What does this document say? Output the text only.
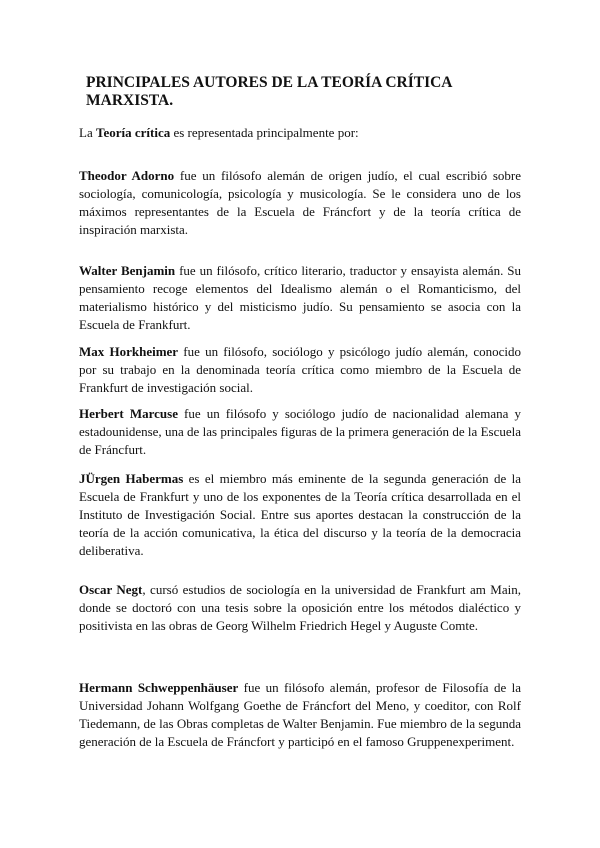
PRINCIPALES AUTORES DE LA TEORÍA CRÍTICA MARXISTA.

La Teoría crítica es representada principalmente por:

Theodor Adorno fue un filósofo alemán de origen judío, el cual escribió sobre sociología, comunicología, psicología y musicología. Se le considera uno de los máximos representantes de la Escuela de Fráncfort y de la teoría crítica de inspiración marxista.

Walter Benjamin fue un filósofo, crítico literario, traductor y ensayista alemán. Su pensamiento recoge elementos del Idealismo alemán o el Romanticismo, del materialismo histórico y del misticismo judío. Su pensamiento se asocia con la Escuela de Frankfurt.

Max Horkheimer fue un filósofo, sociólogo y psicólogo judío alemán, conocido por su trabajo en la denominada teoría crítica como miembro de la Escuela de Frankfurt de investigación social.

Herbert Marcuse fue un filósofo y sociólogo judío de nacionalidad alemana y estadounidense, una de las principales figuras de la primera generación de la Escuela de Fráncfurt.

JÜrgen Habermas es el miembro más eminente de la segunda generación de la Escuela de Frankfurt y uno de los exponentes de la Teoría crítica desarrollada en el Instituto de Investigación Social. Entre sus aportes destacan la construcción de la teoría de la acción comunicativa, la ética del discurso y la teoría de la democracia deliberativa.

Oscar Negt, cursó estudios de sociología en la universidad de Frankfurt am Main, donde se doctoró con una tesis sobre la oposición entre los métodos dialéctico y positivista en las obras de Georg Wilhelm Friedrich Hegel y Auguste Comte.

Hermann Schweppenhäuser fue un filósofo alemán, profesor de Filosofía de la Universidad Johann Wolfgang Goethe de Fráncfort del Meno, y coeditor, con Rolf Tiedemann, de las Obras completas de Walter Benjamin. Fue miembro de la segunda generación de la Escuela de Fráncfort y participó en el famoso Gruppenexperiment.
